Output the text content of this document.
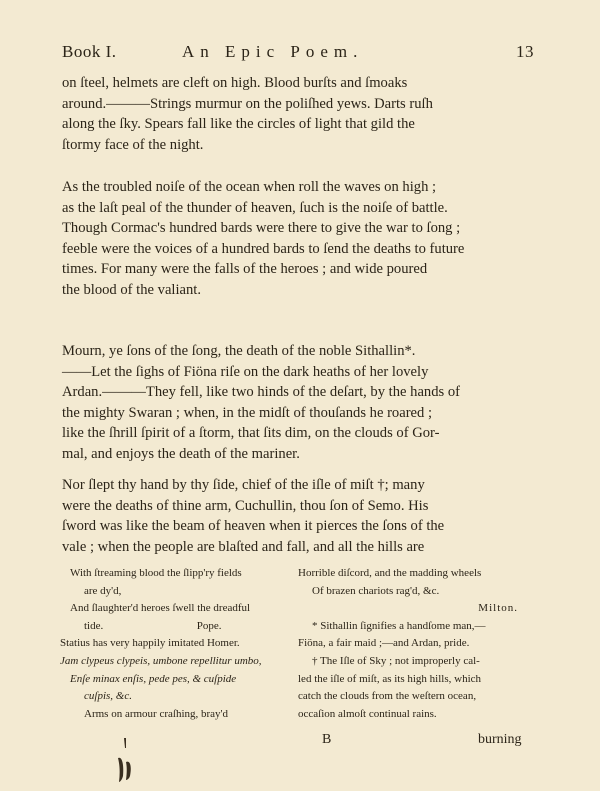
Book I.	An Epic Poem.	13

on ſteel, helmets are cleft on high. Blood burſts and ſmoaks

around.———Strings murmur on the poliſhed yews. Darts ruſh

along the ſky. Spears fall like the circles of light that gild the

ſtormy face of the night.

As the troubled noiſe of the ocean when roll the waves on high ;

as the laſt peal of the thunder of heaven, ſuch is the noiſe of battle.

Though Cormac's hundred bards were there to give the war to ſong ;

feeble were the voices of a hundred bards to ſend the deaths to future

times. For many were the falls of the heroes ; and wide poured

the blood of the valiant.

Mourn, ye ſons of the ſong, the death of the noble Sithallin*.

——Let the ſighs of Fiöna riſe on the dark heaths of her lovely

Ardan.———They fell, like two hinds of the deſart, by the hands of

the mighty Swaran ; when, in the midſt of thouſands he roared ;

like the ſhrill ſpirit of a ſtorm, that ſits dim, on the clouds of Gor-

mal, and enjoys the death of the mariner.

Nor ſlept thy hand by thy ſide, chief of the iſle of miſt †; many

were the deaths of thine arm, Cuchullin, thou ſon of Semo. His

ſword was like the beam of heaven when it pierces the ſons of the

vale ; when the people are blaſted and fall, and all the hills are

With ſtreaming blood the ſlipp'ry fields

are dy'd,

And ſlaughter'd heroes ſwell the dreadful

tide.                                  Pope.

Statius has very happily imitated Homer.

Jam clypeus clypeis, umbone repellitur umbo,

Enſe minax enſis, pede pes, & cuſpide

cuſpis, &c.

Arms on armour craſhing, bray'd

Horrible diſcord, and the madding wheels

Of brazen chariots rag'd, &c.

Milton.

* Sithallin ſignifies a handſome man,—

Fiöna, a fair maid ;—and Ardan, pride.

† The Iſle of Sky ; not improperly cal-

led the iſle of miſt, as its high hills, which

catch the clouds from the weſtern ocean,

occaſion almoſt continual rains.

B	burning
